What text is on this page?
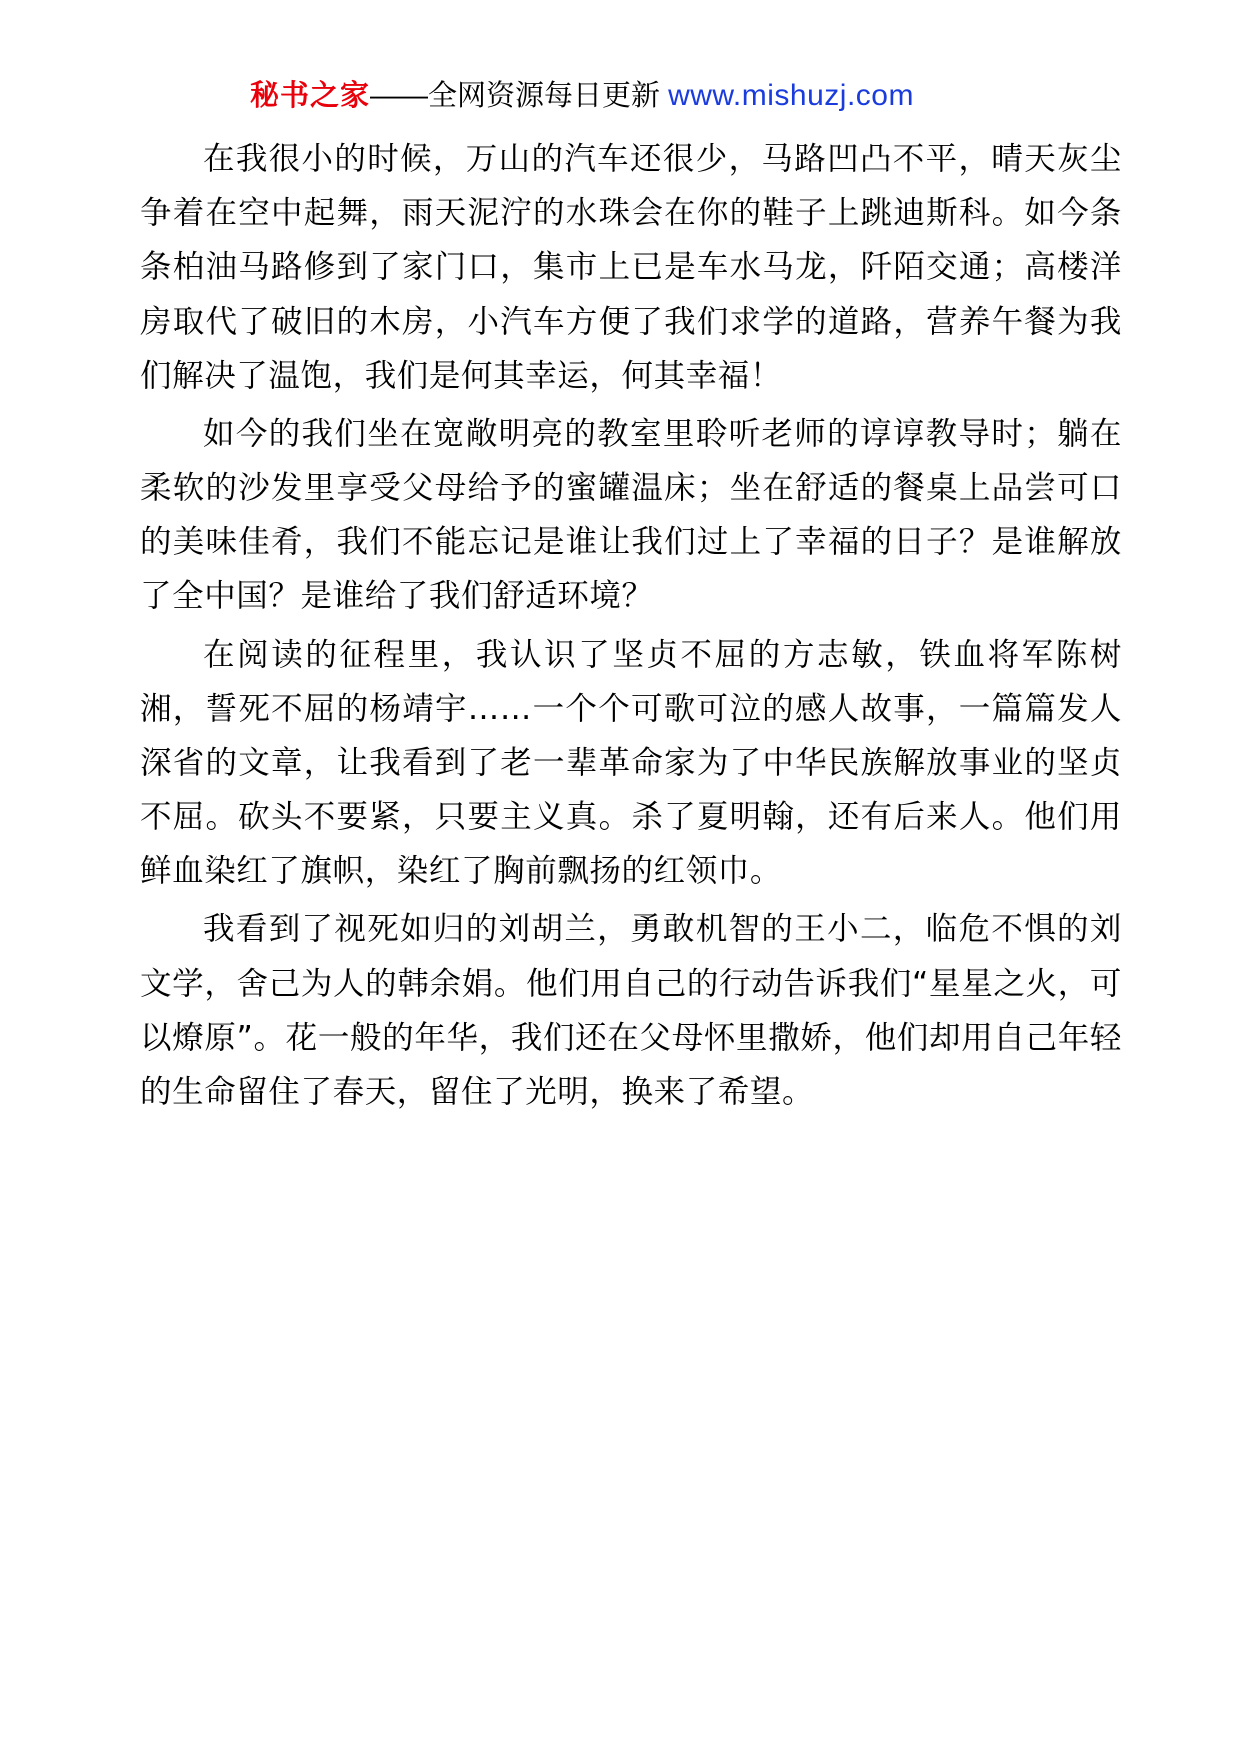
秘书之家——全网资源每日更新 www.mishuzj.com

在我很小的时候，万山的汽车还很少，马路凹凸不平，晴天灰尘争着在空中起舞，雨天泥泞的水珠会在你的鞋子上跳迪斯科。如今条条柏油马路修到了家门口，集市上已是车水马龙，阡陌交通；高楼洋房取代了破旧的木房，小汽车方便了我们求学的道路，营养午餐为我们解决了温饱，我们是何其幸运，何其幸福！

如今的我们坐在宽敞明亮的教室里聆听老师的谆谆教导时；躺在柔软的沙发里享受父母给予的蜜罐温床；坐在舒适的餐桌上品尝可口的美味佳肴，我们不能忘记是谁让我们过上了幸福的日子？是谁解放了全中国？是谁给了我们舒适环境？

在阅读的征程里，我认识了坚贞不屈的方志敏，铁血将军陈树湘，誓死不屈的杨靖宇……一个个可歌可泣的感人故事，一篇篇发人深省的文章，让我看到了老一辈革命家为了中华民族解放事业的坚贞不屈。砍头不要紧，只要主义真。杀了夏明翰，还有后来人。他们用鲜血染红了旗帜，染红了胸前飘扬的红领巾。

我看到了视死如归的刘胡兰，勇敢机智的王小二，临危不惧的刘文学，舍己为人的韩余娟。他们用自己的行动告诉我们“星星之火，可以燎原”。花一般的年华，我们还在父母怀里撒娇，他们却用自己年轻的生命留住了春天，留住了光明，换来了希望。
